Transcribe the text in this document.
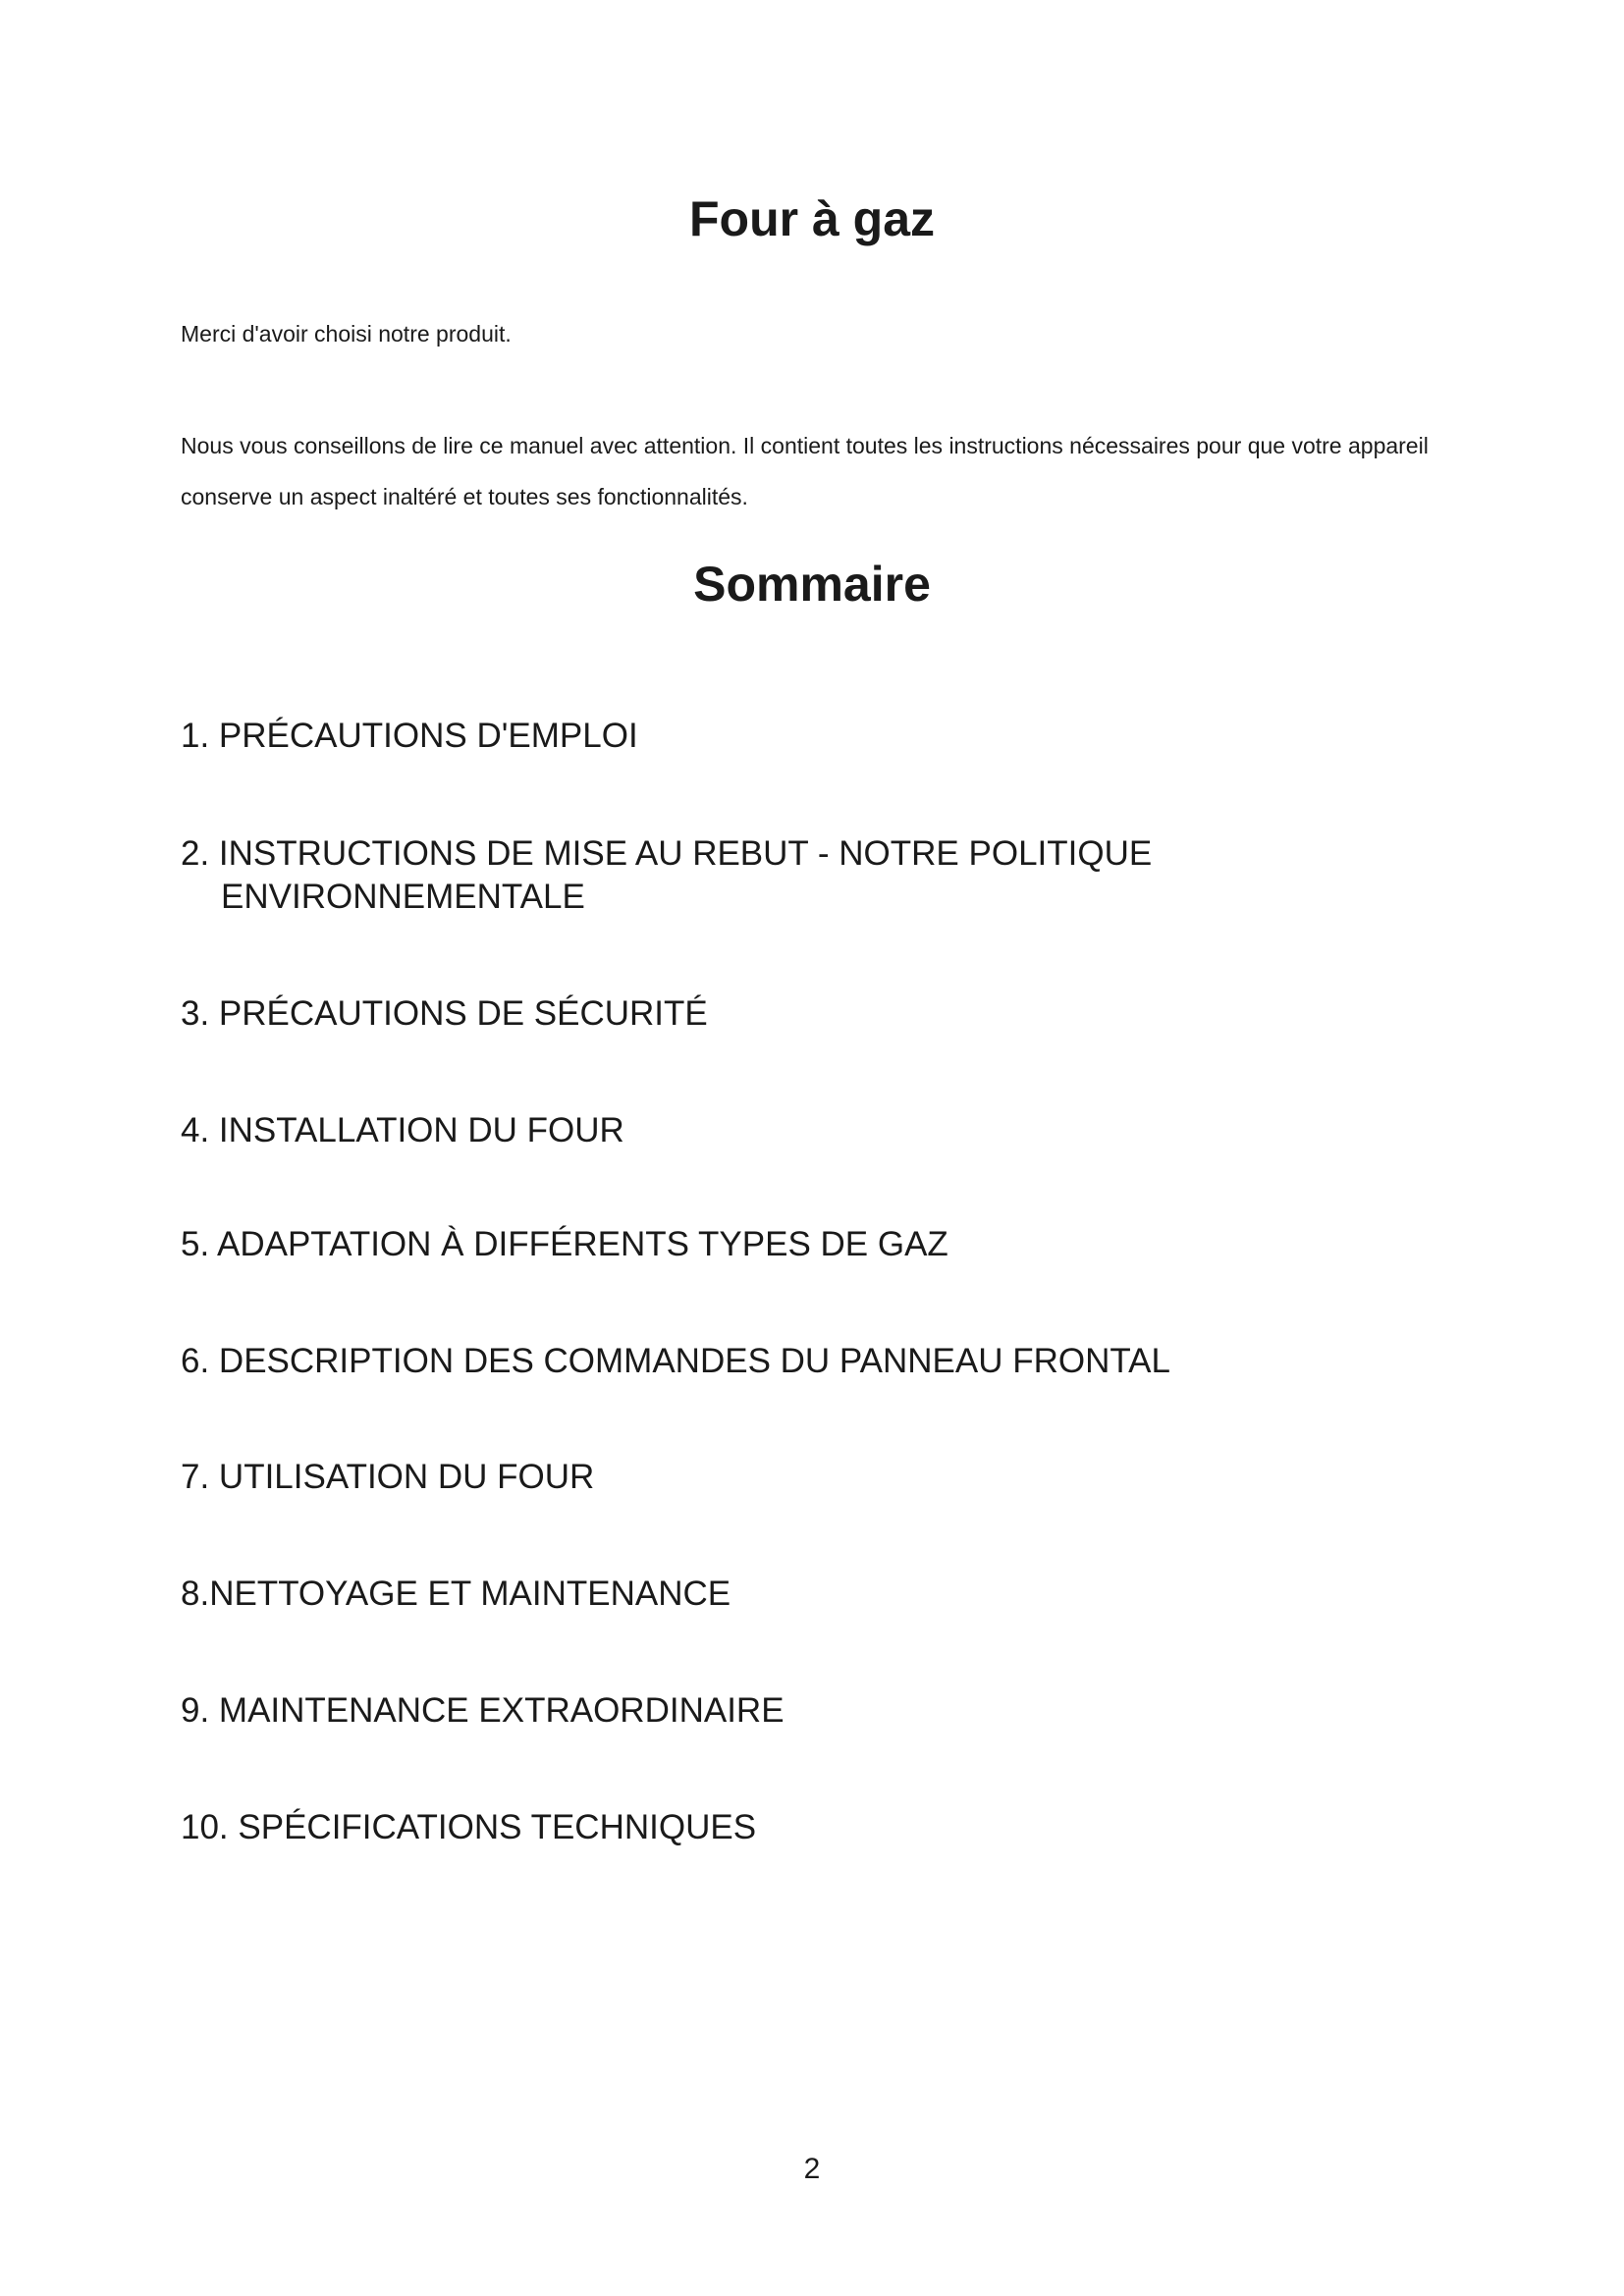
Four à gaz

Merci d'avoir choisi notre produit.

Nous vous conseillons de lire ce manuel avec attention. Il contient toutes les instructions nécessaires pour que votre appareil conserve un aspect inaltéré et toutes ses fonctionnalités.

Sommaire
1. PRÉCAUTIONS D'EMPLOI
2. INSTRUCTIONS DE MISE AU REBUT - NOTRE POLITIQUE
ENVIRONNEMENTALE
3. PRÉCAUTIONS DE SÉCURITÉ
4. INSTALLATION DU FOUR
5. ADAPTATION À DIFFÉRENTS TYPES DE GAZ
6. DESCRIPTION DES COMMANDES DU PANNEAU FRONTAL
7. UTILISATION DU FOUR
8.NETTOYAGE ET MAINTENANCE
9. MAINTENANCE EXTRAORDINAIRE
10. SPÉCIFICATIONS TECHNIQUES
2
